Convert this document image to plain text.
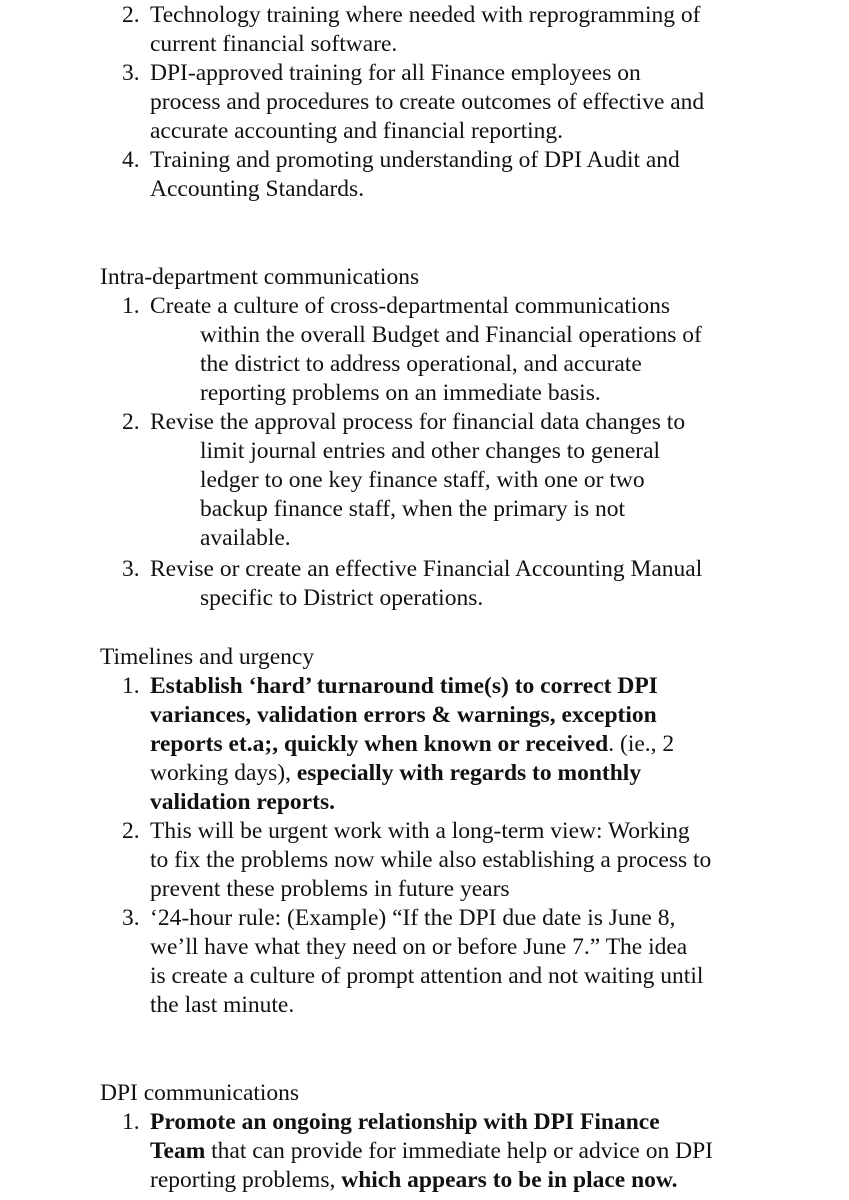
2. Technology training where needed with reprogramming of
current financial software.
3. DPI-approved training for all Finance employees on
process and procedures to create outcomes of effective and
accurate accounting and financial reporting.
4. Training and promoting understanding of DPI Audit and
Accounting Standards.
Intra-department communications
1. Create a culture of cross-departmental communications
within the overall Budget and Financial operations of
the district to address operational, and accurate
reporting problems on an immediate basis.
2. Revise the approval process for financial data changes to
limit journal entries and other changes to general
ledger to one key finance staff, with one or two
backup finance staff, when the primary is not
available.
3. Revise or create an effective Financial Accounting Manual
specific to District operations.
Timelines and urgency
1. Establish ‘hard’ turnaround time(s) to correct DPI
variances, validation errors & warnings, exception
reports et.a;, quickly when known or received. (ie., 2
working days), especially with regards to monthly
validation reports.
2. This will be urgent work with a long-term view: Working
to fix the problems now while also establishing a process to
prevent these problems in future years
3. ‘24-hour rule: (Example) “If the DPI due date is June 8,
we’ll have what they need on or before June 7.” The idea
is create a culture of prompt attention and not waiting until
the last minute.
DPI communications
1. Promote an ongoing relationship with DPI Finance
Team that can provide for immediate help or advice on DPI
reporting problems, which appears to be in place now.
